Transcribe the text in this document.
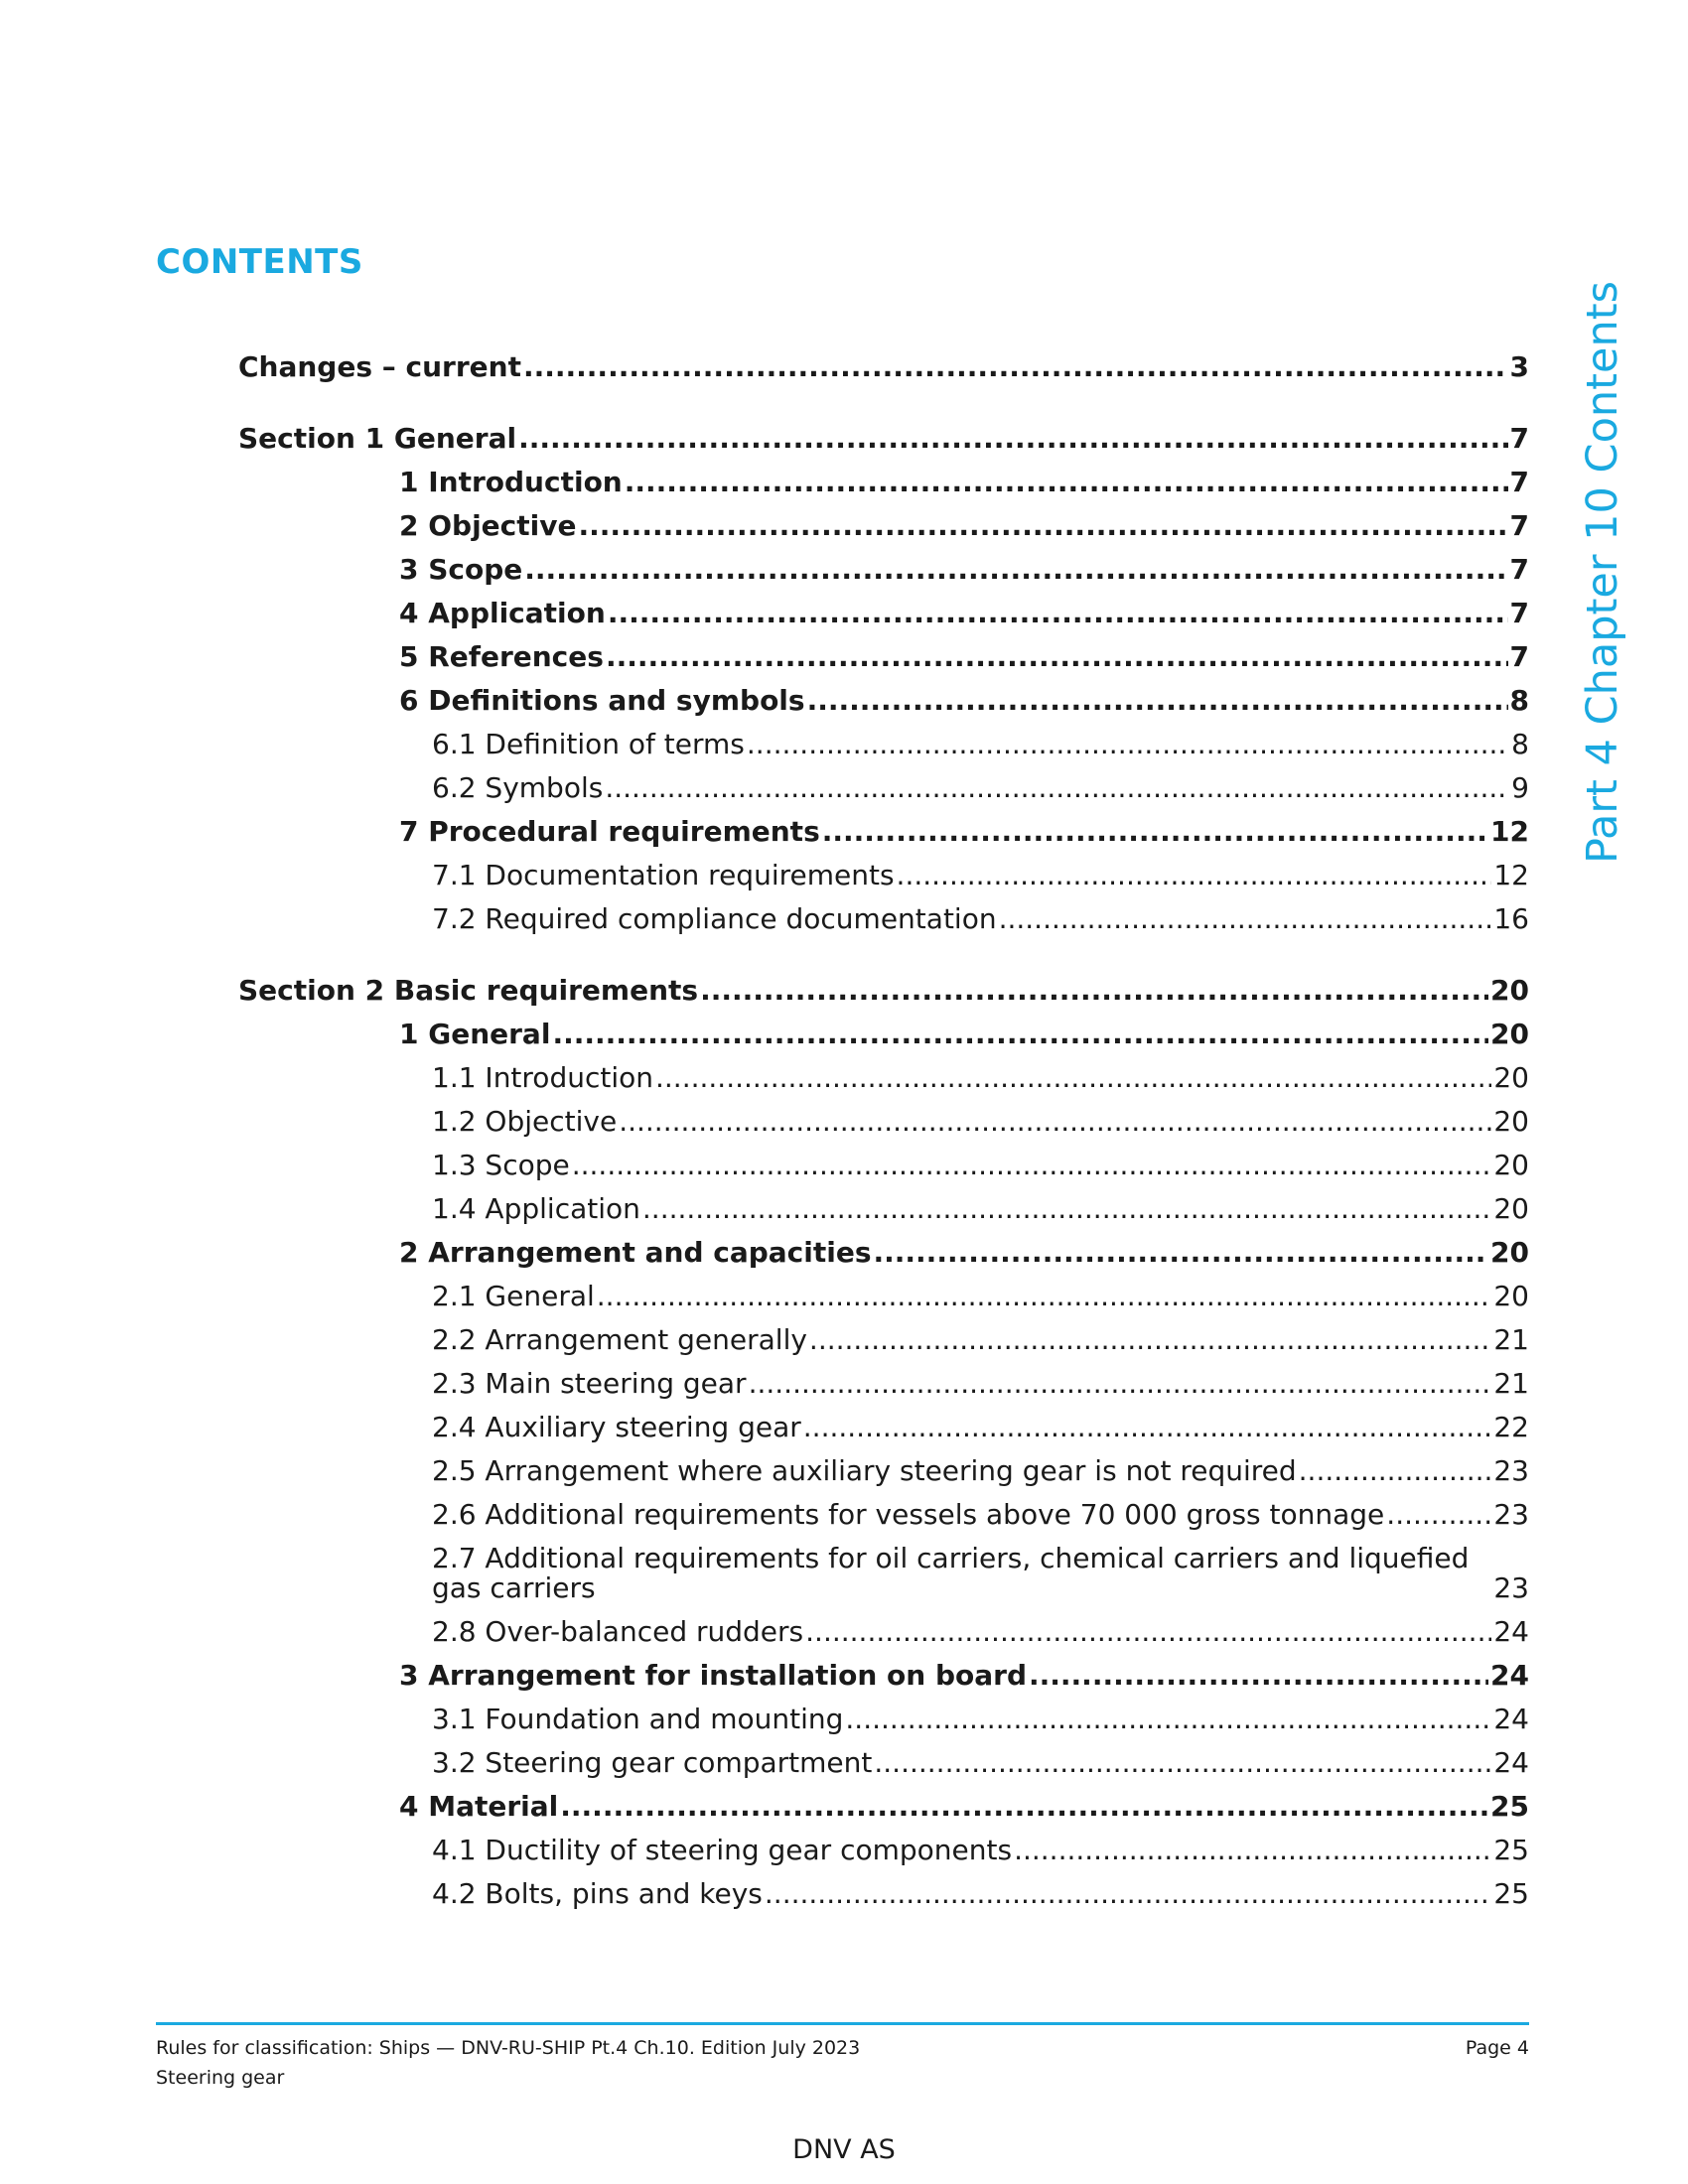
CONTENTS
Part 4 Chapter 10 Contents
Changes – current .....	3
Section 1 General .....	7
1 Introduction .....	7
2 Objective .....	7
3 Scope .....	7
4 Application .....	7
5 References .....	7
6 Definitions and symbols .....	8
6.1 Definition of terms .....	8
6.2 Symbols .....	9
7 Procedural requirements .....	12
7.1 Documentation requirements .....	12
7.2 Required compliance documentation .....	16
Section 2 Basic requirements .....	20
1 General .....	20
1.1 Introduction .....	20
1.2 Objective .....	20
1.3 Scope .....	20
1.4 Application .....	20
2 Arrangement and capacities .....	20
2.1 General .....	20
2.2 Arrangement generally .....	21
2.3 Main steering gear .....	21
2.4 Auxiliary steering gear .....	22
2.5 Arrangement where auxiliary steering gear is not required .....	23
2.6 Additional requirements for vessels above 70 000 gross tonnage .....	23
2.7 Additional requirements for oil carriers, chemical carriers and liquefied
gas carriers	23
2.8 Over-balanced rudders .....	24
3 Arrangement for installation on board .....	24
3.1 Foundation and mounting .....	24
3.2 Steering gear compartment .....	24
4 Material .....	25
4.1 Ductility of steering gear components .....	25
4.2 Bolts, pins and keys .....	25
Rules for classification: Ships — DNV-RU-SHIP Pt.4 Ch.10. Edition July 2023	Page 4
Steering gear
DNV AS
